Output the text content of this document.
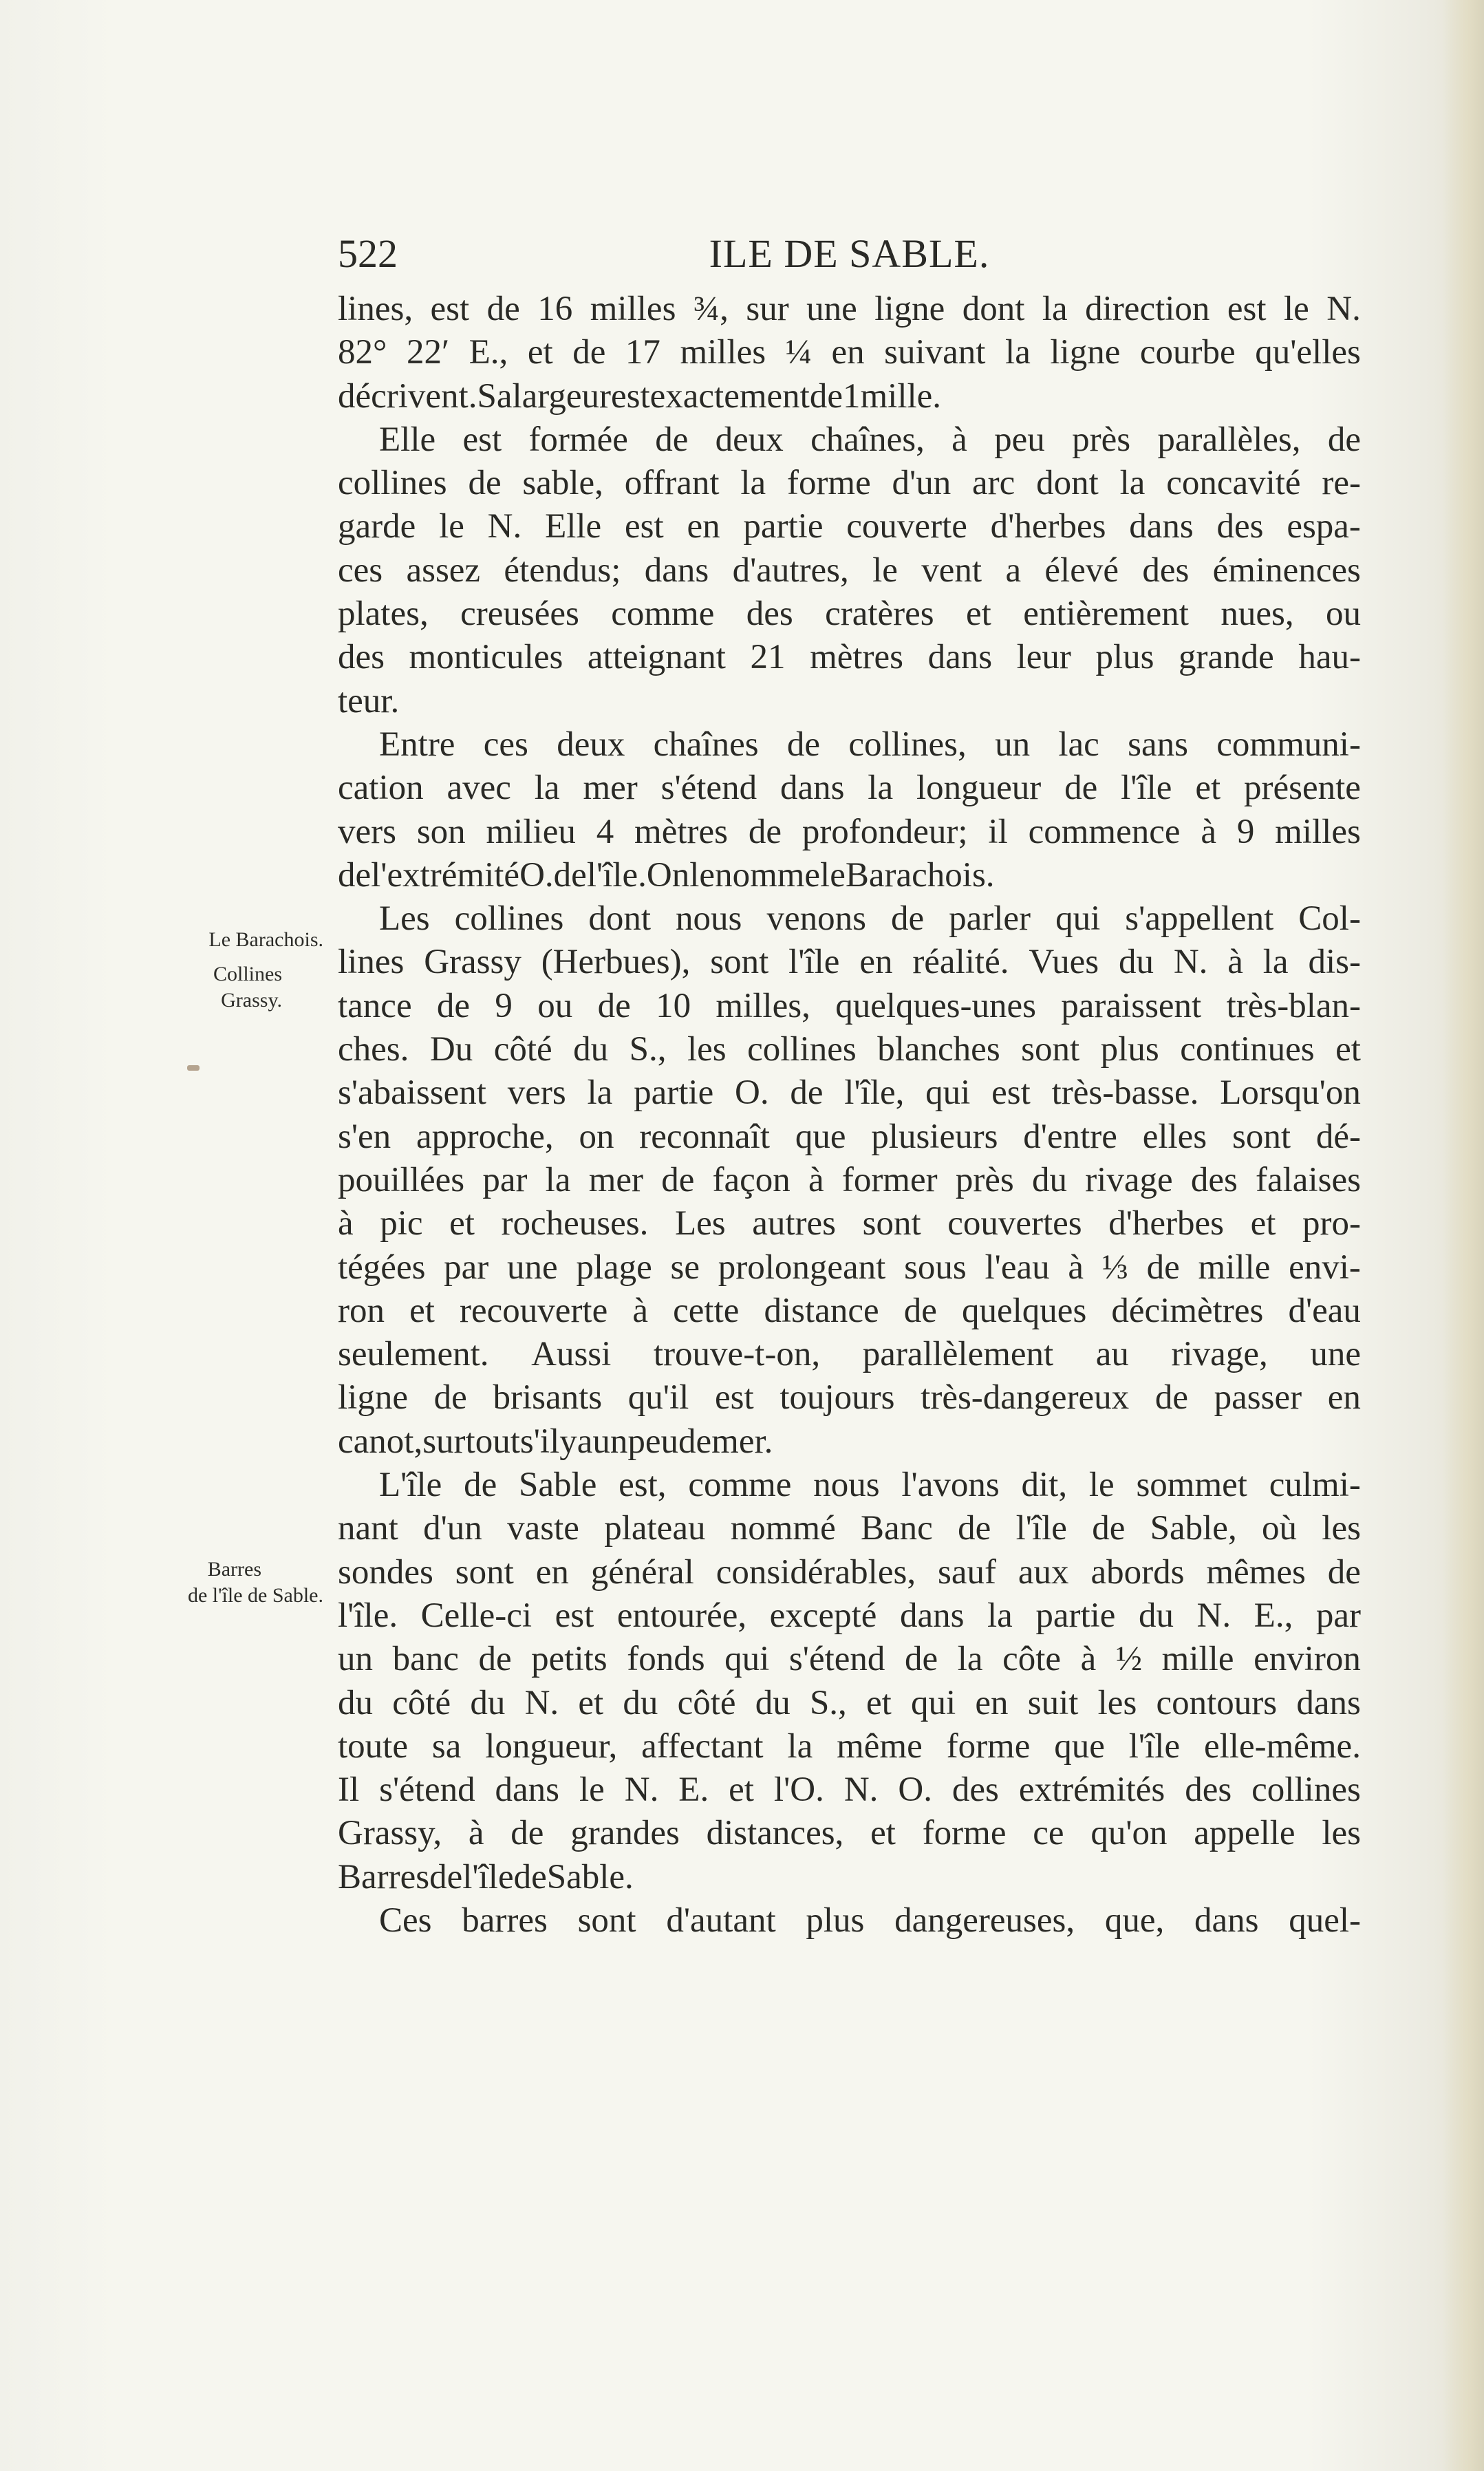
522	ILE DE SABLE.
Le Barachois.
Collines
Grassy.
Barres
de l'île de Sable.
lines, est de 16 milles ¾, sur une ligne dont la direction est le N.
82° 22′ E., et de 17 milles ¼ en suivant la ligne courbe qu'elles
décrivent. Sa largeur est exactement de 1 mille.
Elle est formée de deux chaînes, à peu près parallèles, de
collines de sable, offrant la forme d'un arc dont la concavité re-
garde le N. Elle est en partie couverte d'herbes dans des espa-
ces assez étendus; dans d'autres, le vent a élevé des éminences
plates, creusées comme des cratères et entièrement nues, ou
des monticules atteignant 21 mètres dans leur plus grande hau-
teur.
Entre ces deux chaînes de collines, un lac sans communi-
cation avec la mer s'étend dans la longueur de l'île et présente
vers son milieu 4 mètres de profondeur; il commence à 9 milles
de l'extrémité O. de l'île. On le nomme le Barachois.
Les collines dont nous venons de parler qui s'appellent Col-
lines Grassy (Herbues), sont l'île en réalité. Vues du N. à la dis-
tance de 9 ou de 10 milles, quelques-unes paraissent très-blan-
ches. Du côté du S., les collines blanches sont plus continues et
s'abaissent vers la partie O. de l'île, qui est très-basse. Lorsqu'on
s'en approche, on reconnaît que plusieurs d'entre elles sont dé-
pouillées par la mer de façon à former près du rivage des falaises
à pic et rocheuses. Les autres sont couvertes d'herbes et pro-
tégées par une plage se prolongeant sous l'eau à ⅓ de mille envi-
ron et recouverte à cette distance de quelques décimètres d'eau
seulement. Aussi trouve-t-on, parallèlement au rivage, une
ligne de brisants qu'il est toujours très-dangereux de passer en
canot, surtout s'il y a un peu de mer.
L'île de Sable est, comme nous l'avons dit, le sommet culmi-
nant d'un vaste plateau nommé Banc de l'île de Sable, où les
sondes sont en général considérables, sauf aux abords mêmes de
l'île. Celle-ci est entourée, excepté dans la partie du N. E., par
un banc de petits fonds qui s'étend de la côte à ½ mille environ
du côté du N. et du côté du S., et qui en suit les contours dans
toute sa longueur, affectant la même forme que l'île elle-même.
Il s'étend dans le N. E. et l'O. N. O. des extrémités des collines
Grassy, à de grandes distances, et forme ce qu'on appelle les
Barres de l'île de Sable.
Ces barres sont d'autant plus dangereuses, que, dans quel-
